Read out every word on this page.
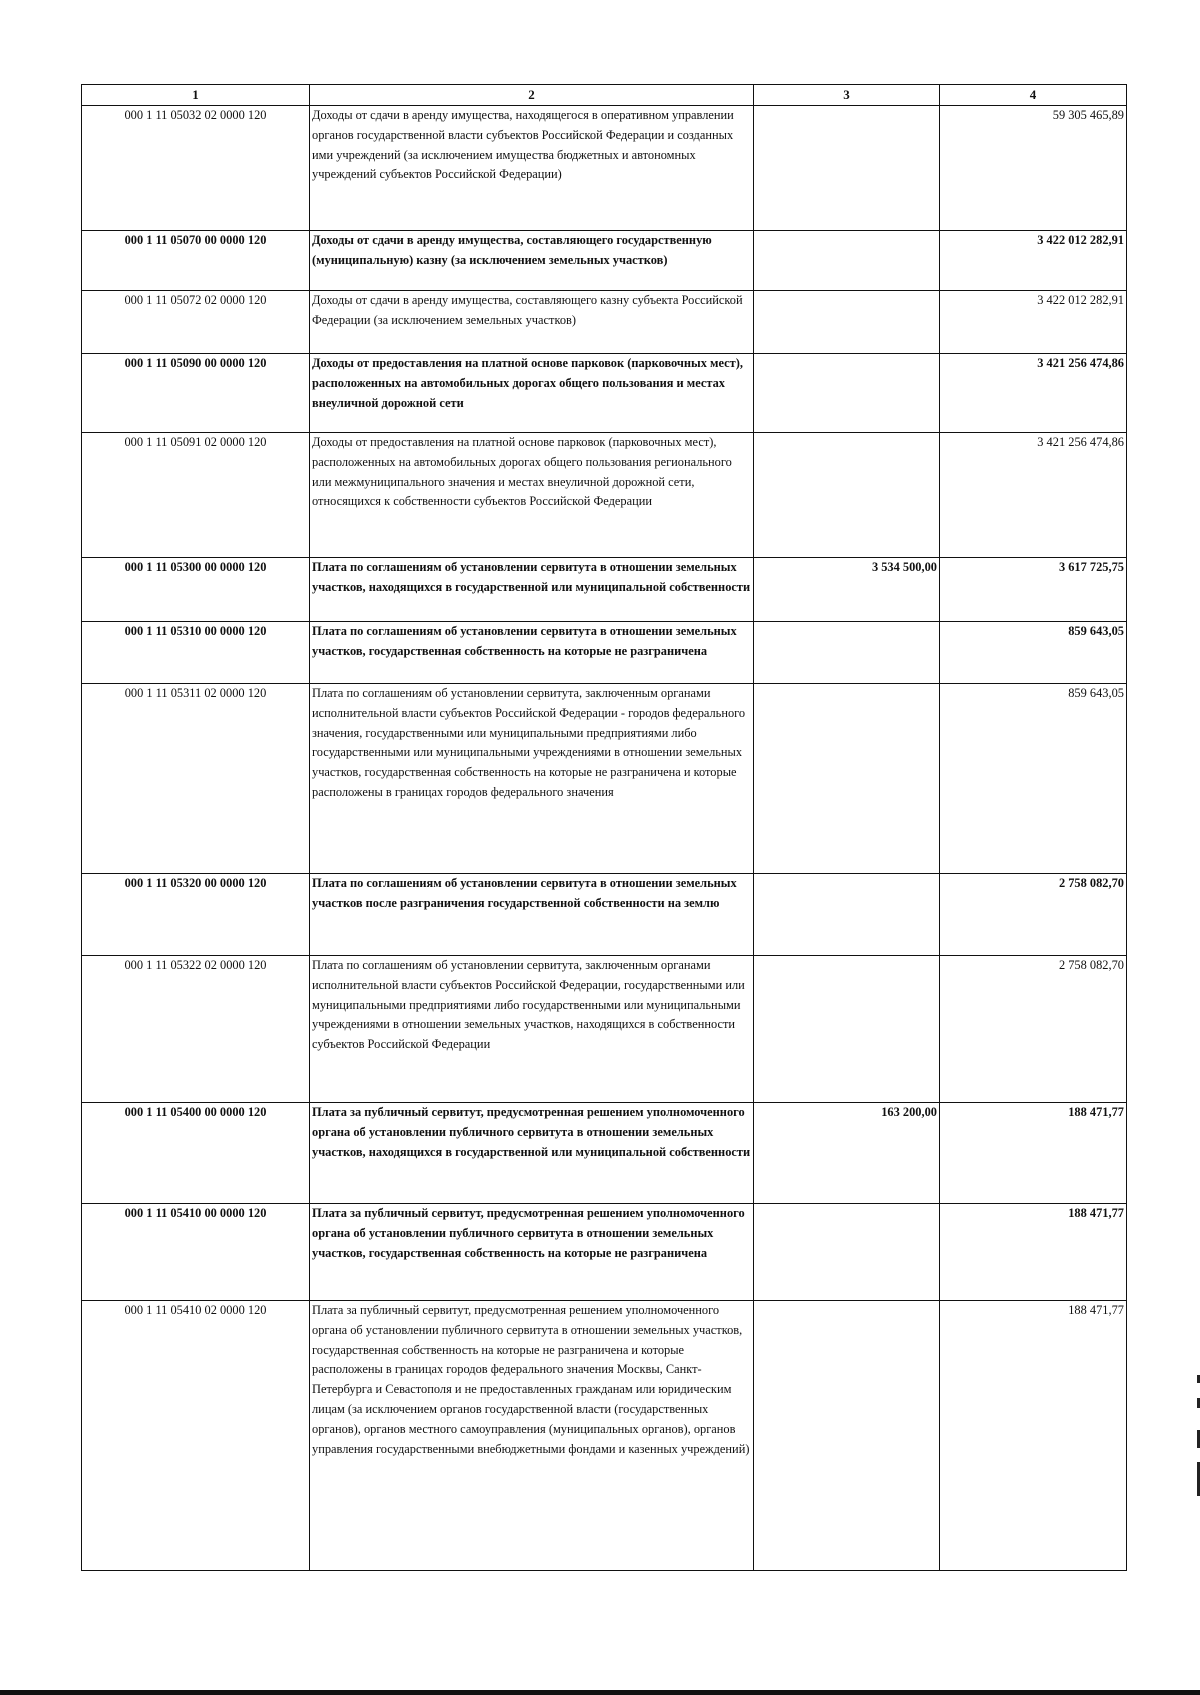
1	2	3	4
000 1 11 05032 02 0000 120	Доходы от сдачи в аренду имущества, находящегося в оперативном управлении органов государственной власти субъектов Российской Федерации и созданных ими учреждений (за исключением имущества бюджетных и автономных учреждений субъектов Российской Федерации)		59 305 465,89
000 1 11 05070 00 0000 120	Доходы от сдачи в аренду имущества, составляющего государственную (муниципальную) казну (за исключением земельных участков)		3 422 012 282,91
000 1 11 05072 02 0000 120	Доходы от сдачи в аренду имущества, составляющего казну субъекта Российской Федерации (за исключением земельных участков)		3 422 012 282,91
000 1 11 05090 00 0000 120	Доходы от предоставления на платной основе парковок (парковочных мест), расположенных на автомобильных дорогах общего пользования и местах внеуличной дорожной сети		3 421 256 474,86
000 1 11 05091 02 0000 120	Доходы от предоставления на платной основе парковок (парковочных мест), расположенных на автомобильных дорогах общего пользования регионального или межмуниципального значения и местах внеуличной дорожной сети, относящихся к собственности субъектов Российской Федерации		3 421 256 474,86
000 1 11 05300 00 0000 120	Плата по соглашениям об установлении сервитута в отношении земельных участков, находящихся в государственной или муниципальной собственности	3 534 500,00	3 617 725,75
000 1 11 05310 00 0000 120	Плата по соглашениям об установлении сервитута в отношении земельных участков, государственная собственность на которые не разграничена		859 643,05
000 1 11 05311 02 0000 120	Плата по соглашениям об установлении сервитута, заключенным органами исполнительной власти субъектов Российской Федерации - городов федерального значения, государственными или муниципальными предприятиями либо государственными или муниципальными учреждениями в отношении земельных участков, государственная собственность на которые не разграничена и которые расположены в границах городов федерального значения		859 643,05
000 1 11 05320 00 0000 120	Плата по соглашениям об установлении сервитута в отношении земельных участков после разграничения государственной собственности на землю		2 758 082,70
000 1 11 05322 02 0000 120	Плата по соглашениям об установлении сервитута, заключенным органами исполнительной власти субъектов Российской Федерации, государственными или муниципальными предприятиями либо государственными или муниципальными учреждениями в отношении земельных участков, находящихся в собственности субъектов Российской Федерации		2 758 082,70
000 1 11 05400 00 0000 120	Плата за публичный сервитут, предусмотренная решением уполномоченного органа об установлении публичного сервитута в отношении земельных участков, находящихся в государственной или муниципальной собственности	163 200,00	188 471,77
000 1 11 05410 00 0000 120	Плата за публичный сервитут, предусмотренная решением уполномоченного органа об установлении публичного сервитута в отношении земельных участков, государственная собственность на которые не разграничена		188 471,77
000 1 11 05410 02 0000 120	Плата за публичный сервитут, предусмотренная решением уполномоченного органа об установлении публичного сервитута в отношении земельных участков, государственная собственность на которые не разграничена и которые расположены в границах городов федерального значения Москвы, Санкт-Петербурга и Севастополя и не предоставленных гражданам или юридическим лицам (за исключением органов государственной власти (государственных органов), органов местного самоуправления (муниципальных органов), органов управления государственными внебюджетными фондами и казенных учреждений)		188 471,77
